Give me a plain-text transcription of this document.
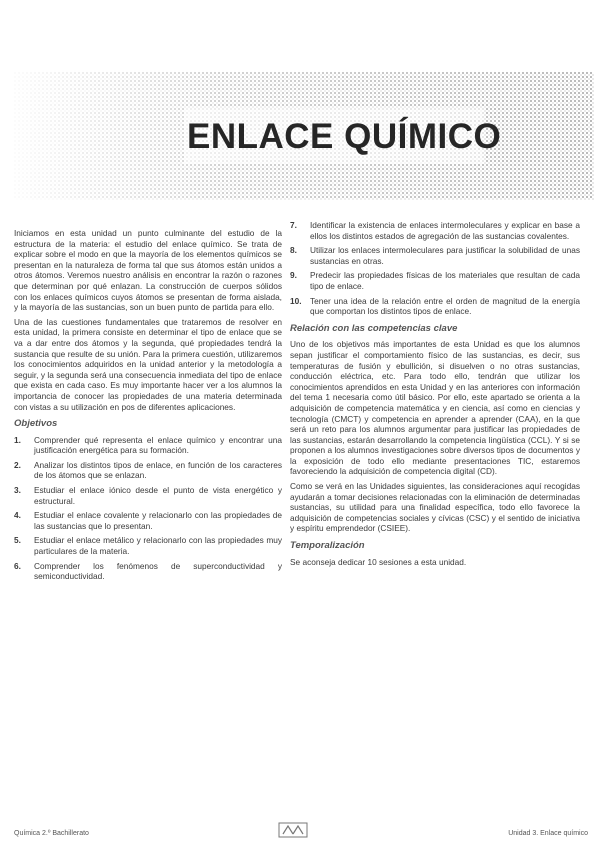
ENLACE QUÍMICO

Iniciamos en esta unidad un punto culminante del estudio de la estructura de la materia: el estudio del enlace químico. Se trata de explicar sobre el modo en que la mayoría de los elementos químicos se presentan en la naturaleza de forma tal que sus átomos están unidos a otros átomos. Veremos nuestro análisis en encontrar la razón o razones que determinan por qué enlazan. La construcción de cuerpos sólidos con los enlaces químicos cuyos átomos se presentan de forma aislada, y la mayoría de las sustancias, son un buen punto de partida para ello.

Una de las cuestiones fundamentales que trataremos de resolver en esta unidad, la primera consiste en determinar el tipo de enlace que se va a dar entre dos átomos y la segunda, qué propiedades tendrá la sustancia que resulte de su unión. Para la primera cuestión, utilizaremos los conocimientos adquiridos en la unidad anterior y la metodología a seguir, y la segunda será una consecuencia inmediata del tipo de enlace que exista en cada caso. Es muy importante hacer ver a los alumnos la importancia de conocer las propiedades de una materia determinada con vistas a su utilización en pos de diferentes aplicaciones.

Objetivos
1.	Comprender qué representa el enlace químico y encontrar una justificación energética para su formación.
2.	Analizar los distintos tipos de enlace, en función de los caracteres de los átomos que se enlazan.
3.	Estudiar el enlace iónico desde el punto de vista energético y estructural.
4.	Estudiar el enlace covalente y relacionarlo con las propiedades de las sustancias que lo presentan.
5.	Estudiar el enlace metálico y relacionarlo con las propiedades muy particulares de la materia.
6.	Comprender los fenómenos de superconductividad y semiconductividad.
7.	Identificar la existencia de enlaces intermoleculares y explicar en base a ellos los distintos estados de agregación de las sustancias covalentes.
8.	Utilizar los enlaces intermoleculares para justificar la solubilidad de unas sustancias en otras.
9.	Predecir las propiedades físicas de los materiales que resultan de cada tipo de enlace.
10.	Tener una idea de la relación entre el orden de magnitud de la energía que comportan los distintos tipos de enlace.
Relación con las competencias clave

Uno de los objetivos más importantes de esta Unidad es que los alumnos sepan justificar el comportamiento físico de las sustancias, es decir, sus temperaturas de fusión y ebullición, si disuelven o no otras sustancias, conducción eléctrica, etc. Para todo ello, tendrán que utilizar los conocimientos aprendidos en esta Unidad y en las anteriores con información del tema 1 necesaria como útil básico. Por ello, este apartado se orienta a la adquisición de competencia matemática y en ciencia, así como en ciencias y tecnología (CMCT) y competencia en aprender a aprender (CAA), en la que será un reto para los alumnos argumentar para justificar las propiedades de las sustancias, estarán desarrollando la competencia lingüística (CCL). Y si se proponen a los alumnos investigaciones sobre diversos tipos de documentos y la exposición de todo ello mediante presentaciones TIC, estaremos favoreciendo la adquisición de competencia digital (CD).

Como se verá en las Unidades siguientes, las consideraciones aquí recogidas ayudarán a tomar decisiones relacionadas con la eliminación de determinadas sustancias, su utilidad para una finalidad específica, todo ello favorece la adquisición de competencias sociales y cívicas (CSC) y el sentido de iniciativa y espíritu emprendedor (CSIEE).

Temporalización

Se aconseja dedicar 10 sesiones a esta unidad.

Química 2.º Bachillerato	Unidad 3. Enlace químico
